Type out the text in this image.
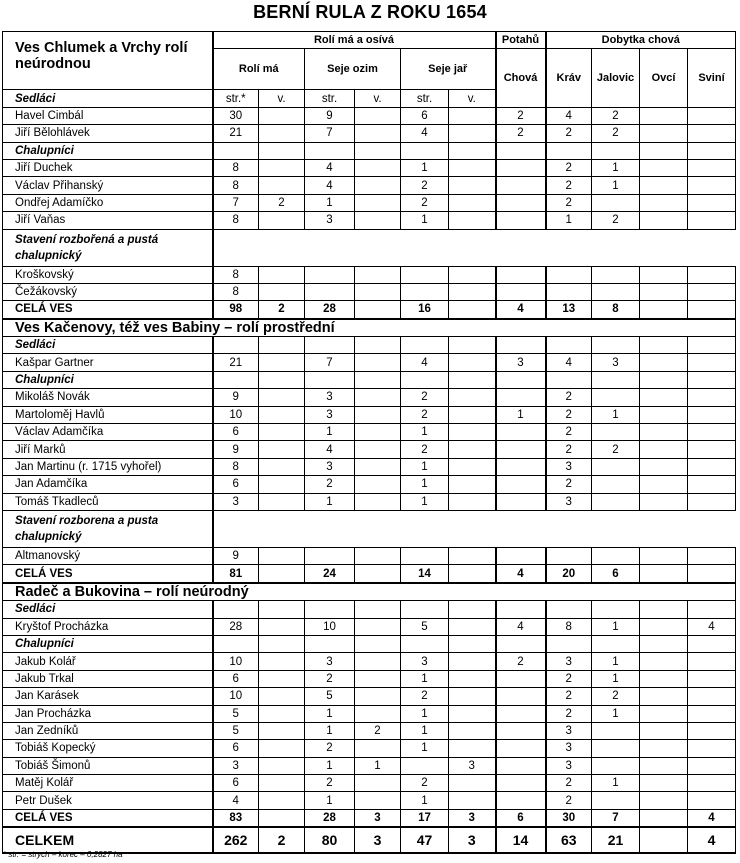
BERNÍ RULA Z ROKU 1654
Ves Chlumek a Vrchy rolí neúrodnou	Rolí má a osívá						Potahů	Dobytka chová			
	Rolí má		Seje ozim		Seje jař		Chová	Kráv	Jalovic	Ovcí	Sviní
Sedláci	str.*	v.	str.	v.	str.	v.					
Havel Cimbál	30		9		6		2	4	2		
Jiří Bělohlávek	21		7		4		2	2	2		
Chalupníci											
Jiří Duchek	8		4		1			2	1		
Václav Přihanský	8		4		2			2	1		
Ondřej Adamíčko	7	2	1		2			2			
Jiří Vaňas	8		3		1			1	2		
Stavení rozbořená a pustá chalupnický											
Kroškovský	8										
Čežákovský	8										
CELÁ VES	98	2	28		16		4	13	8		
Ves Kačenovy, též ves Babiny – rolí prostřední											
Sedláci											
Kašpar Gartner	21		7		4		3	4	3		
Chalupníci											
Mikoláš Novák	9		3		2			2			
Martoloměj Havlů	10		3		2		1	2	1		
Václav Adamčíka	6		1		1			2			
Jiří Marků	9		4		2			2	2		
Jan Martinu (r. 1715 vyhořel)	8		3		1			3			
Jan Adamčíka	6		2		1			2			
Tomáš Tkadleců	3		1		1			3			
Stavení rozborena a pusta chalupnický											
Altmanovský	9										
CELÁ VES	81		24		14		4	20	6		
Radeč a Bukovina – rolí neúrodný											
Sedláci											
Kryštof Procházka	28		10		5		4	8	1		4
Chalupníci											
Jakub Kolář	10		3		3		2	3	1		
Jakub Trkal	6		2		1			2	1		
Jan Karásek	10		5		2			2	2		
Jan Procházka	5		1		1			2	1		
Jan Zedníků	5		1	2	1			3			
Tobiáš Kopecký	6		2		1			3			
Tobiáš Šimonů	3		1	1		3		3			
Matěj Kolář	6		2		2			2	1		
Petr Dušek	4		1		1			2			
CELÁ VES	83		28	3	17	3	6	30	7		4
CELKEM	262	2	80	3	47	3	14	63	21		4
* str. = strych – korec – 0,2827 ha
